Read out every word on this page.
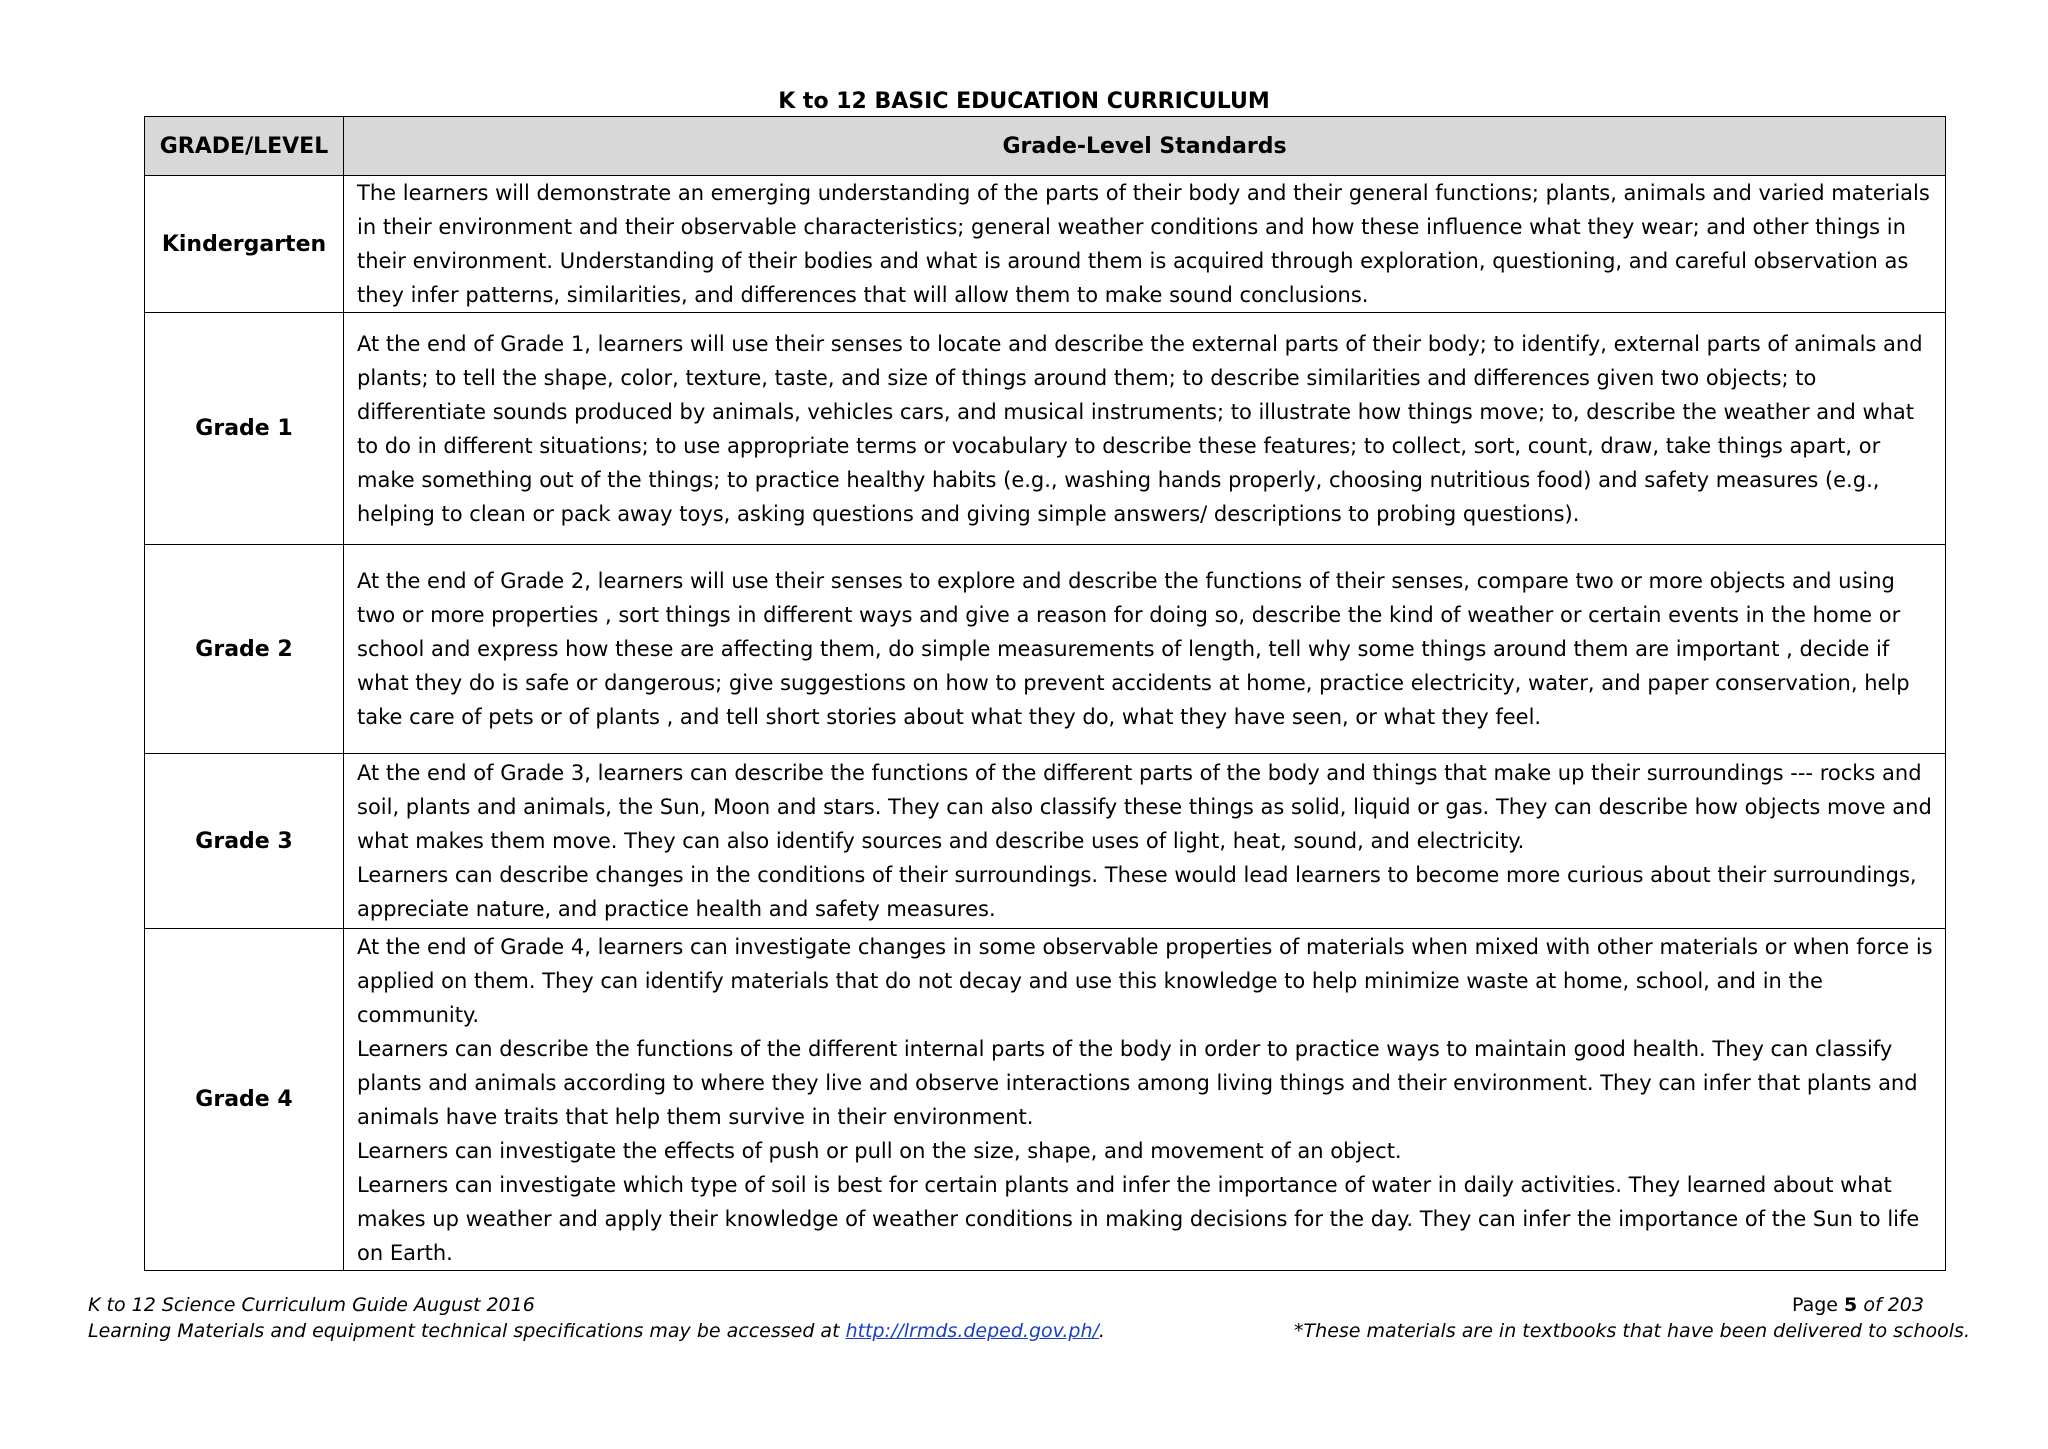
K to 12 BASIC EDUCATION CURRICULUM
GRADE/LEVEL	Grade-Level Standards
Kindergarten	The learners will demonstrate an emerging understanding of the parts of their body and their general functions; plants, animals and varied materials in their environment and their observable characteristics; general weather conditions and how these influence what they wear; and other things in their environment. Understanding of their bodies and what is around them is acquired through exploration, questioning, and careful observation as they infer patterns, similarities, and differences that will allow them to make sound conclusions.

Grade 1	At the end of Grade 1, learners will use their senses to locate and describe the external parts of their body; to identify, external parts of animals and plants; to tell the shape, color, texture, taste, and size of things around them; to describe similarities and differences given two objects; to differentiate sounds produced by animals, vehicles cars, and musical instruments; to illustrate how things move; to, describe the weather and what to do in different situations; to use appropriate terms or vocabulary to describe these features; to collect, sort, count, draw, take things apart, or make something out of the things; to practice healthy habits (e.g., washing hands properly, choosing nutritious food) and safety measures (e.g., helping to clean or pack away toys, asking questions and giving simple answers/ descriptions to probing questions).

Grade 2	At the end of Grade 2, learners will use their senses to explore and describe the functions of their senses, compare two or more objects and using two or more properties , sort things in different ways and give a reason for doing so, describe the kind of weather or certain events in the home or school and express how these are affecting them, do simple measurements of length, tell why some things around them are important , decide if what they do is safe or dangerous; give suggestions on how to prevent accidents at home, practice electricity, water, and paper conservation, help take care of pets or of plants , and tell short stories about what they do, what they have seen, or what they feel.

Grade 3	At the end of Grade 3, learners can describe the functions of the different parts of the body and things that make up their surroundings --- rocks and soil, plants and animals, the Sun, Moon and stars. They can also classify these things as solid, liquid or gas. They can describe how objects move and what makes them move. They can also identify sources and describe uses of light, heat, sound, and electricity.

Learners can describe changes in the conditions of their surroundings. These would lead learners to become more curious about their surroundings, appreciate nature, and practice health and safety measures.

Grade 4	At the end of Grade 4, learners can investigate changes in some observable properties of materials when mixed with other materials or when force is applied on them. They can identify materials that do not decay and use this knowledge to help minimize waste at home, school, and in the community.

Learners can describe the functions of the different internal parts of the body in order to practice ways to maintain good health. They can classify plants and animals according to where they live and observe interactions among living things and their environment. They can infer that plants and animals have traits that help them survive in their environment.

Learners can investigate the effects of push or pull on the size, shape, and movement of an object.

Learners can investigate which type of soil is best for certain plants and infer the importance of water in daily activities. They learned about what makes up weather and apply their knowledge of weather conditions in making decisions for the day. They can infer the importance of the Sun to life on Earth.

K to 12 Science Curriculum Guide August 2016	Page 5 of 203
Learning Materials and equipment technical specifications may be accessed at http://lrmds.deped.gov.ph/.	*These materials are in textbooks that have been delivered to schools.
